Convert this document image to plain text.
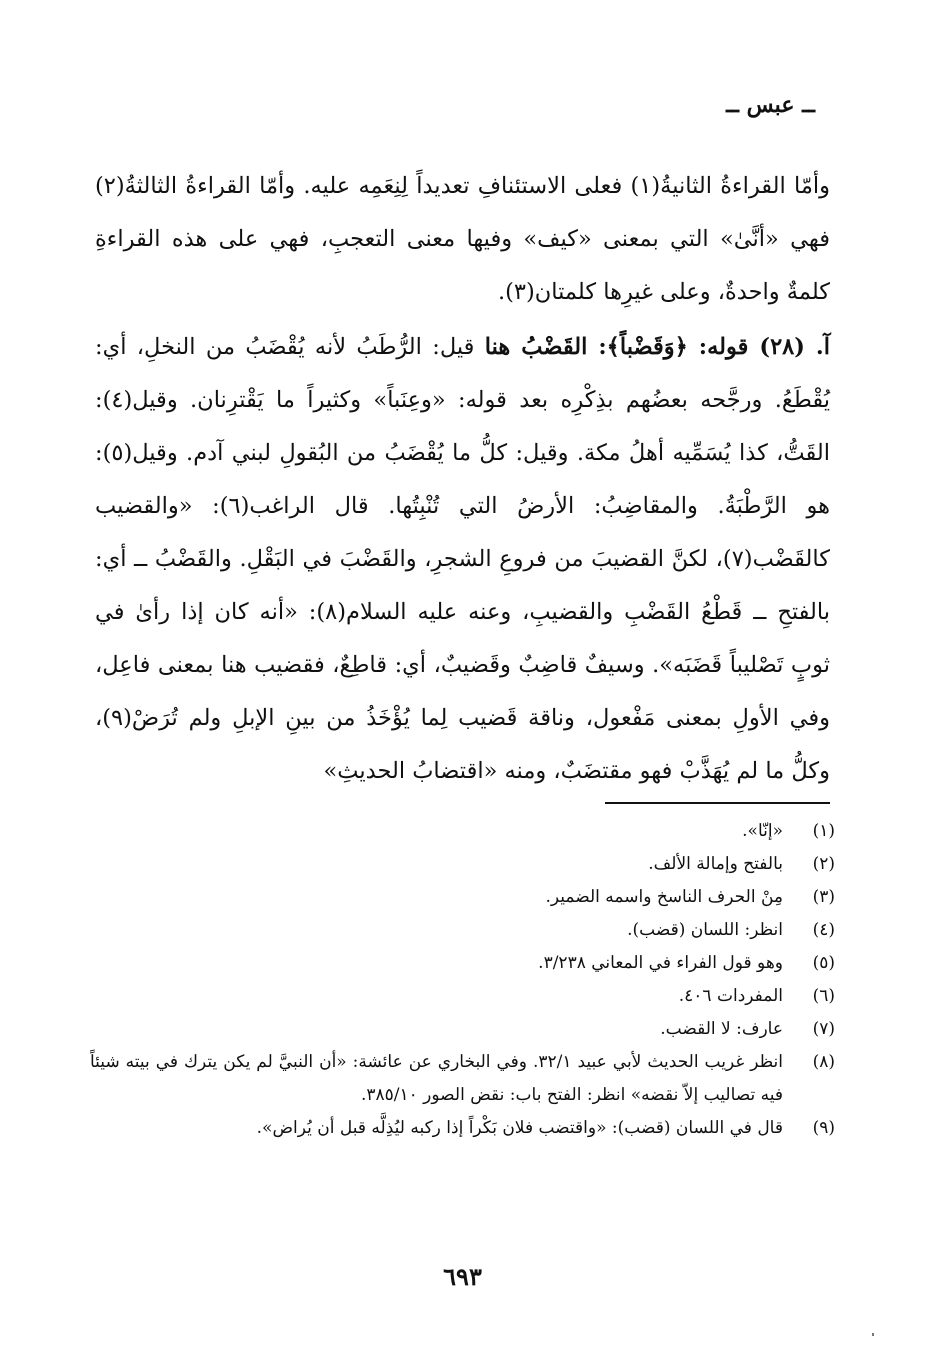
ــ عبس ــ

وأمّا القراءةُ الثانيةُ(١) فعلى الاستئنافِ تعديداً لِنِعَمِه عليه. وأمّا القراءةُ الثالثةُ(٢) فهي «أنَّىٰ» التي بمعنى «كيف» وفيها معنى التعجبِ، فهي على هذه القراءةِ كلمةٌ واحدةٌ، وعلى غيرِها كلمتان(٣).

آ. (٢٨) قوله: ﴿وَقَضْباً﴾: القَضْبُ هنا قيل: الرُّطَبُ لأنه يُقْضَبُ من النخلِ، أي: يُقْطَعُ. ورجَّحه بعضُهم بذِكْرِه بعد قوله: «وعِنَباً» وكثيراً ما يَقْترِنان. وقيل(٤): القَتُّ، كذا يُسَمِّيه أهلُ مكة. وقيل: كلُّ ما يُقْضَبُ من البُقولِ لبني آدم. وقيل(٥): هو الرَّطْبَةُ. والمقاضِبُ: الأرضُ التي تُنْبِتُها. قال الراغب(٦): «والقضيب كالقَضْب(٧)، لكنَّ القضيبَ من فروعِ الشجرِ، والقَضْبَ في البَقْلِ. والقَضْبُ ــ أي: بالفتحِ ــ قَطْعُ القَضْبِ والقضيبِ، وعنه عليه السلام(٨): «أنه كان إذا رأىٰ في ثوبٍ تَصْليباً قَضَبَه». وسيفٌ قاضِبٌ وقَضيبٌ، أي: قاطِعٌ، فقضيب هنا بمعنى فاعِل، وفي الأولِ بمعنى مَفْعول، وناقة قَضيب لِما يُؤْخَذُ من بينِ الإبلِ ولم تُرَضْ(٩)، وكلُّ ما لم يُهَذَّبْ فهو مقتضَبٌ، ومنه «اقتضابُ الحديثِ»

(١)
«إنّا».
(٢)
بالفتح وإمالة الألف.
(٣)
مِنْ الحرف الناسخ واسمه الضمير.
(٤)
انظر: اللسان (قضب).
(٥)
وهو قول الفراء في المعاني ٣/٢٣٨.
(٦)
المفردات ٤٠٦.
(٧)
عارف: لا القضب.
(٨)
انظر غريب الحديث لأبي عبيد ٣٢/١. وفي البخاري عن عائشة: «أن النبيَّ لم يكن يترك في بيته شيئاً فيه تصاليب إلاّ نقضه» انظر: الفتح باب: نقض الصور ٣٨٥/١٠.
(٩)
قال في اللسان (قضب): «واقتضب فلان بَكْراً إذا ركبه ليُذِلَّه قبل أن يُراض».
٦٩٣
